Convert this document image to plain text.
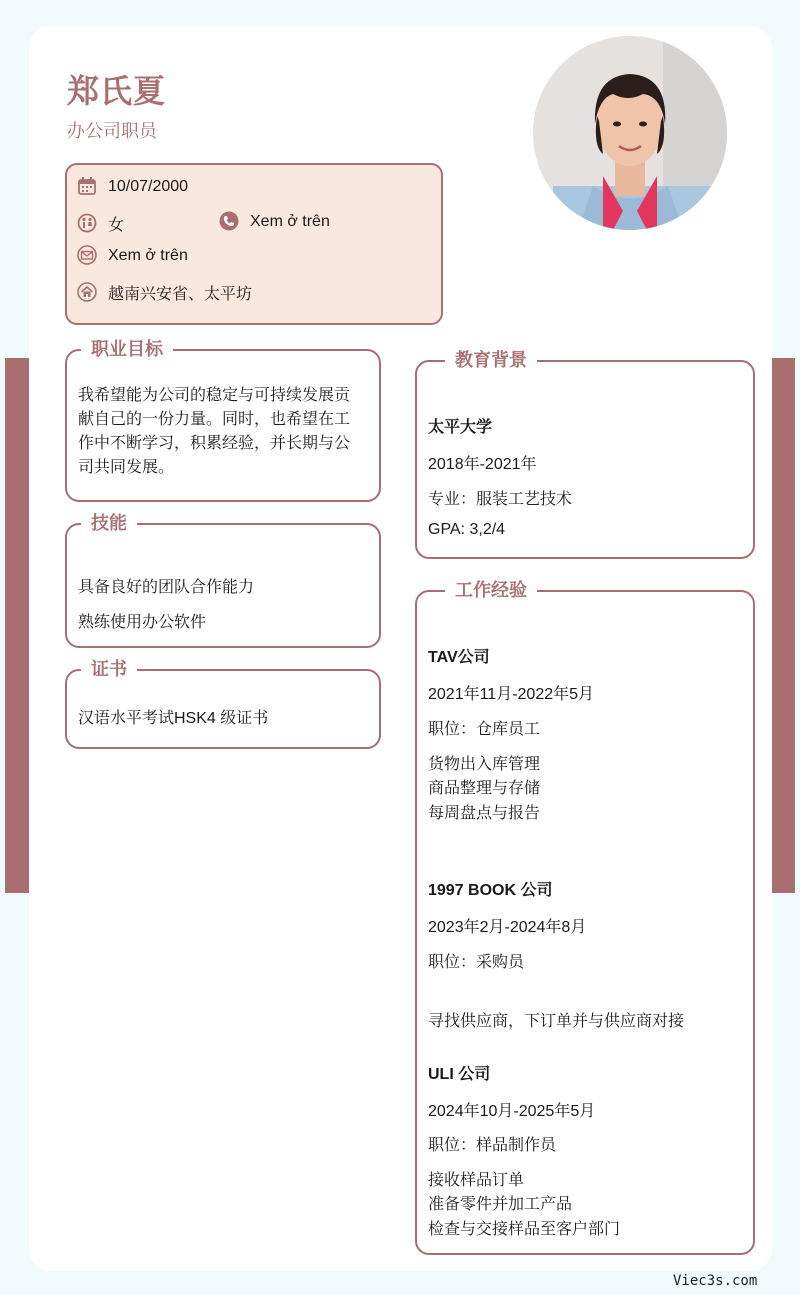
郑氏夏
办公司职员
10/07/2000
女	Xem ở trên
Xem ở trên
越南兴安省、太平坊
职业目标
我希望能为公司的稳定与可持续发展贡
献自己的一份力量。同时，也希望在工
作中不断学习，积累经验，并长期与公
司共同发展。
技能
具备良好的团队合作能力
熟练使用办公软件
证书
汉语水平考试HSK4 级证书
教育背景
太平大学
2018年-2021年
专业：服装工艺技术
GPA: 3,2/4
工作经验
TAV公司
2021年11月-2022年5月
职位：仓库员工
货物出入库管理
商品整理与存储
每周盘点与报告
1997 BOOK 公司
2023年2月-2024年8月
职位：采购员
寻找供应商，下订单并与供应商对接
ULI 公司
2024年10月-2025年5月
职位：样品制作员
接收样品订单
准备零件并加工产品
检查与交接样品至客户部门
Viec3s.com
